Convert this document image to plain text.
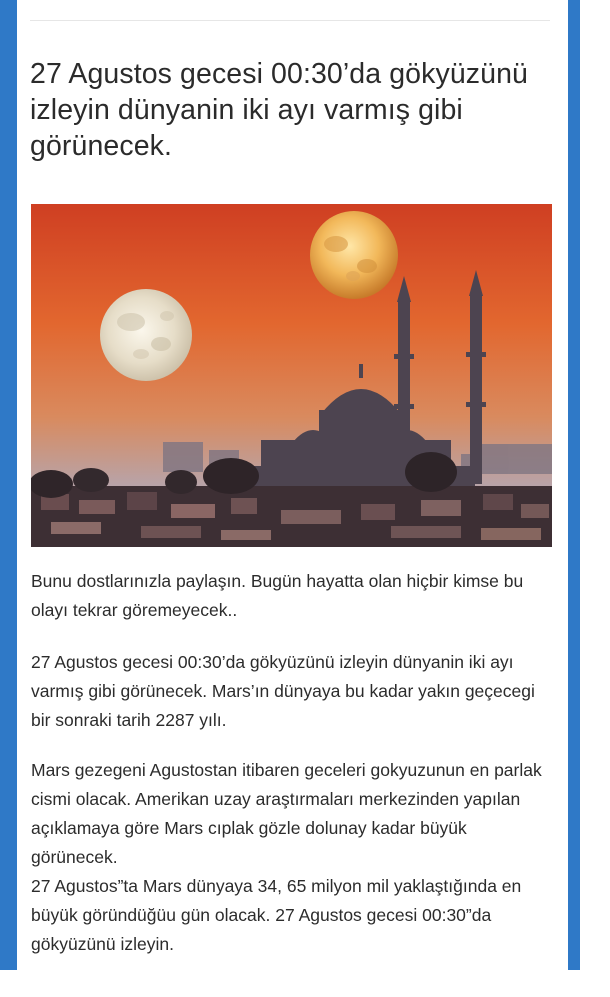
27 Agustos gecesi 00:30’da gökyüzünü izleyin dünyanin iki ayı varmış gibi görünecek.

Bunu dostlarınızla paylaşın. Bugün hayatta olan hiçbir kimse bu olayı tekrar göremeyecek..

27 Agustos gecesi 00:30’da gökyüzünü izleyin dünyanin iki ayı varmış gibi görünecek. Mars’ın dünyaya bu kadar yakın geçecegi bir sonraki tarih 2287 yılı.

Mars gezegeni Agustostan itibaren geceleri gokyuzunun en parlak cismi olacak. Amerikan uzay araştırmaları merkezinden yapılan açıklamaya göre Mars cıplak gözle dolunay kadar büyük görünecek.

27 Agustos”ta Mars dünyaya 34, 65 milyon mil yaklaştığında en büyük göründüğüu gün olacak. 27 Agustos gecesi 00:30”da gökyüzünü izleyin.
